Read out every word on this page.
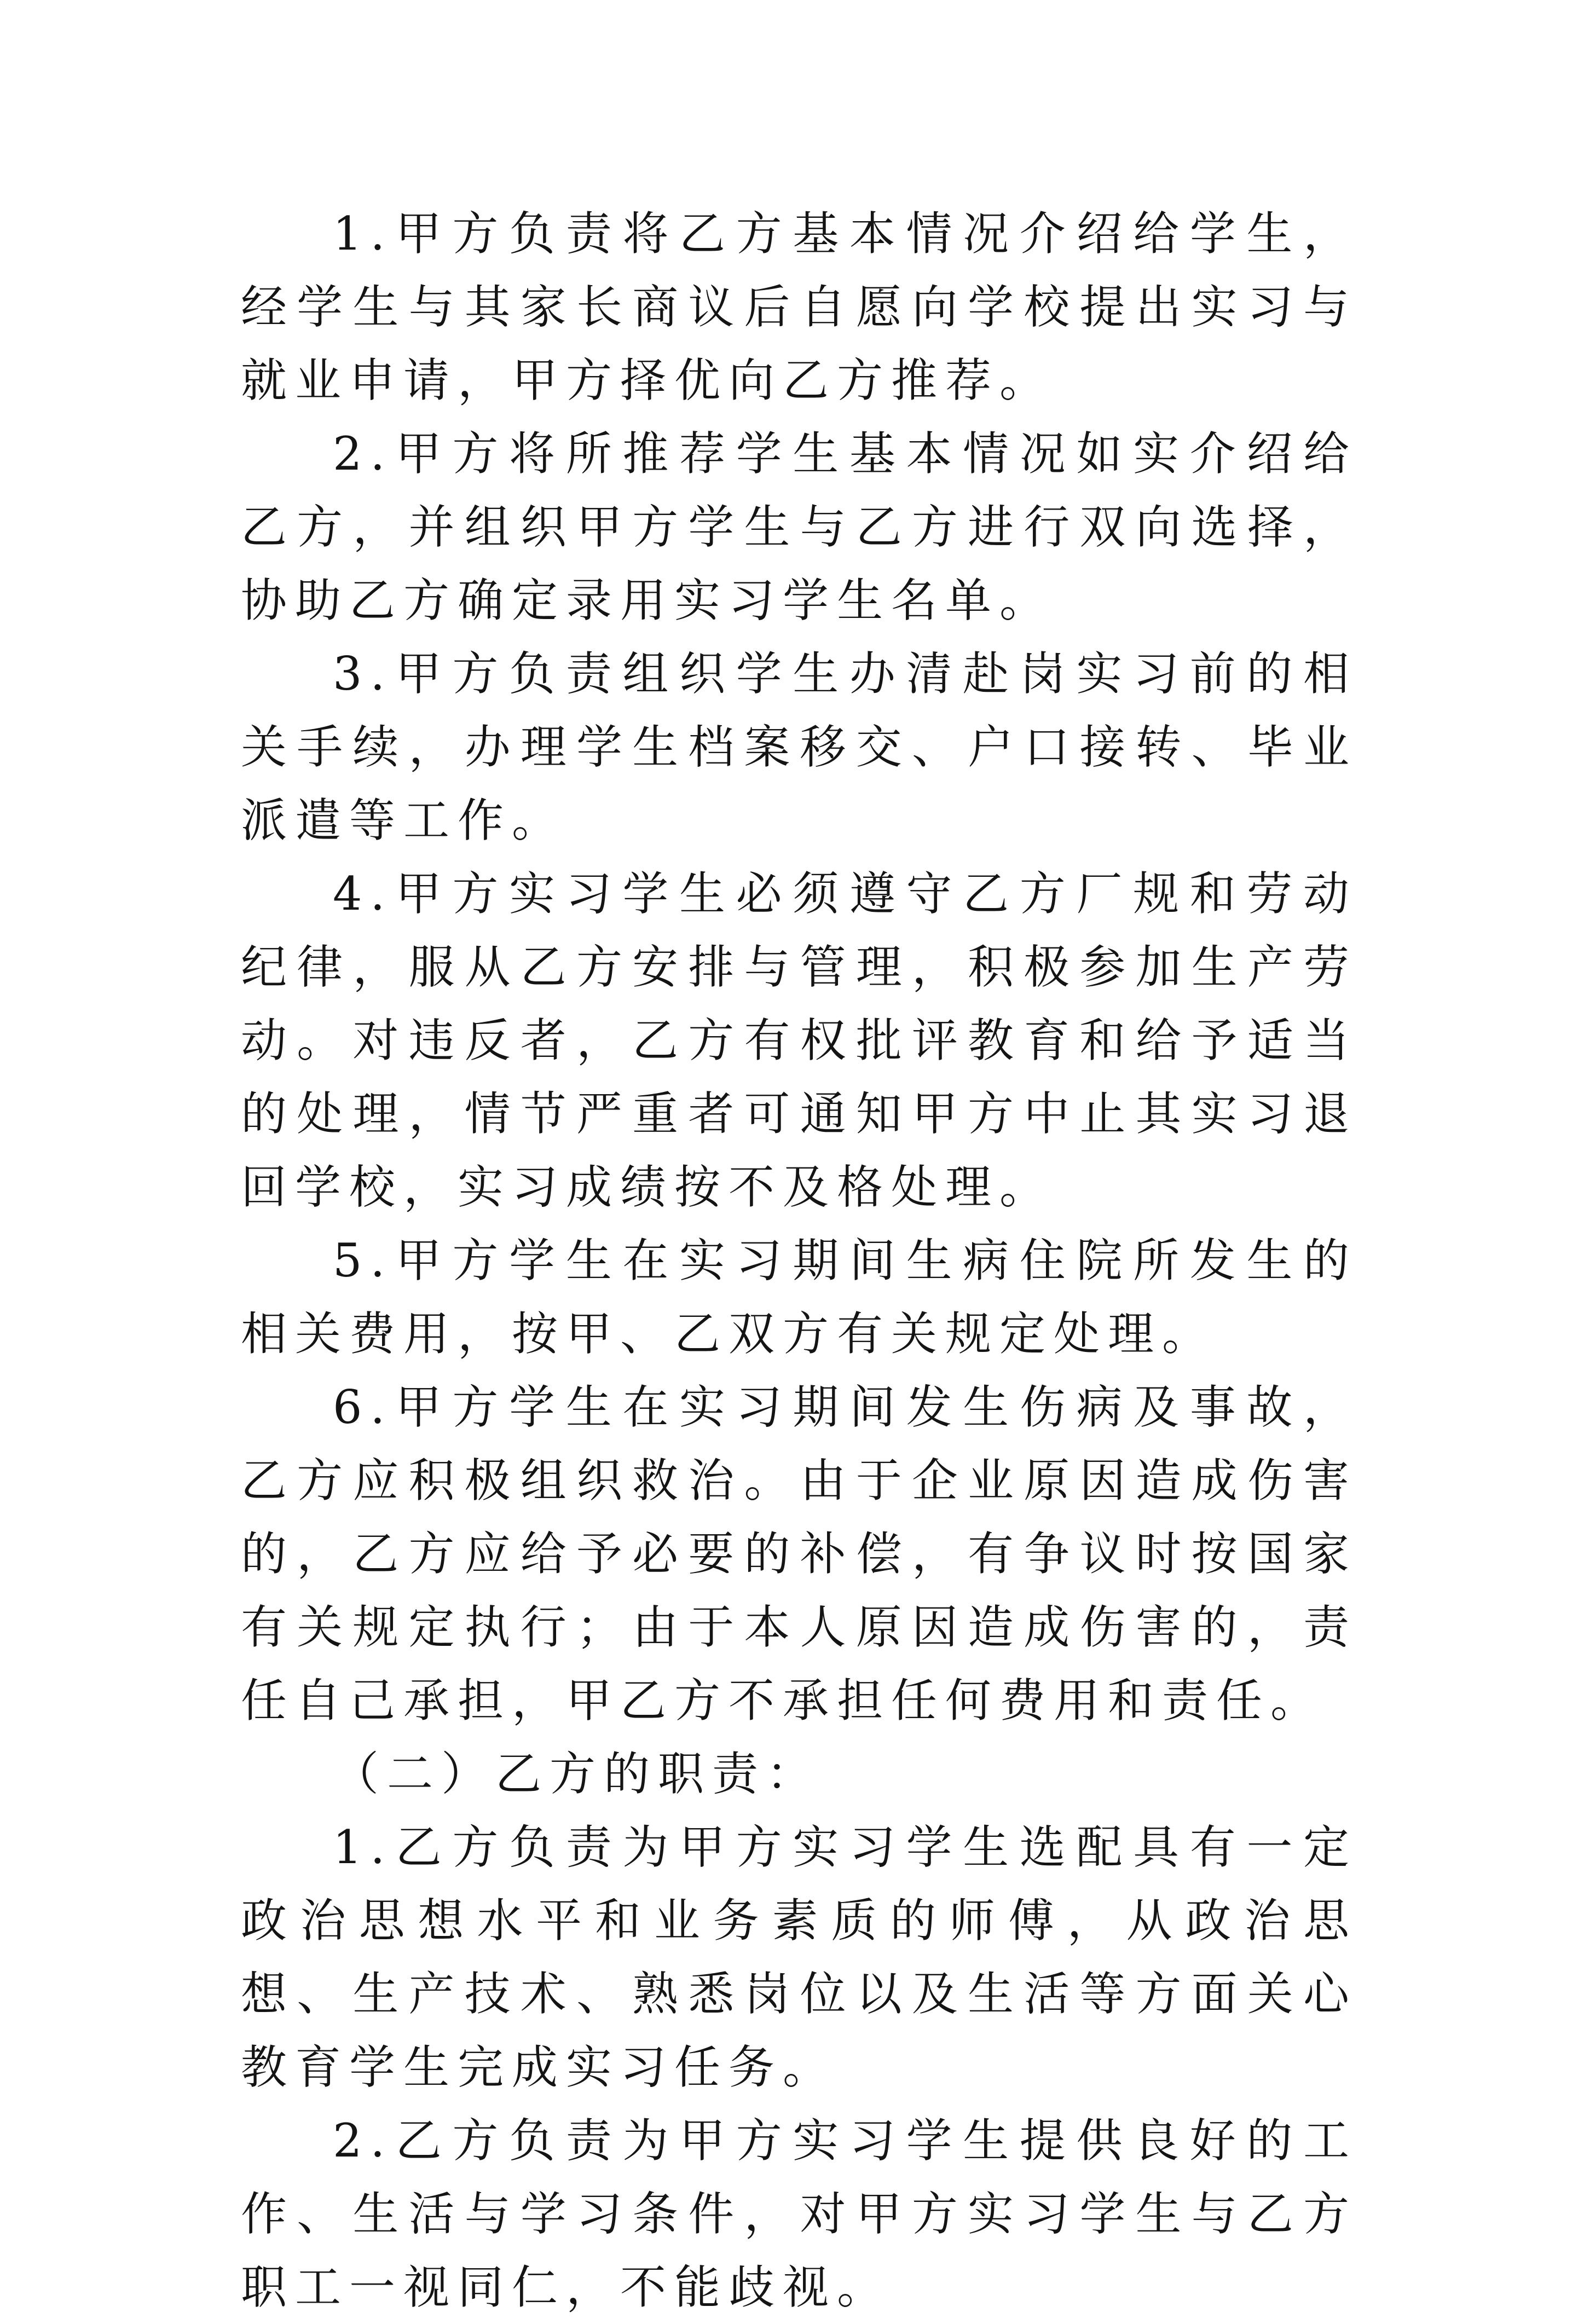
1.甲方负责将乙方基本情况介绍给学生，经学生与其家长商议后自愿向学校提出实习与就业申请，甲方择优向乙方推荐。

2.甲方将所推荐学生基本情况如实介绍给乙方，并组织甲方学生与乙方进行双向选择，协助乙方确定录用实习学生名单。

3.甲方负责组织学生办清赴岗实习前的相关手续，办理学生档案移交、户口接转、毕业派遣等工作。

4.甲方实习学生必须遵守乙方厂规和劳动纪律，服从乙方安排与管理，积极参加生产劳动。对违反者，乙方有权批评教育和给予适当的处理，情节严重者可通知甲方中止其实习退回学校，实习成绩按不及格处理。

5.甲方学生在实习期间生病住院所发生的相关费用，按甲、乙双方有关规定处理。

6.甲方学生在实习期间发生伤病及事故，乙方应积极组织救治。由于企业原因造成伤害的，乙方应给予必要的补偿，有争议时按国家有关规定执行；由于本人原因造成伤害的，责任自己承担，甲乙方不承担任何费用和责任。

（二）乙方的职责：

1.乙方负责为甲方实习学生选配具有一定政治思想水平和业务素质的师傅，从政治思想、生产技术、熟悉岗位以及生活等方面关心教育学生完成实习任务。

2.乙方负责为甲方实习学生提供良好的工作、生活与学习条件，对甲方实习学生与乙方职工一视同仁，不能歧视。
